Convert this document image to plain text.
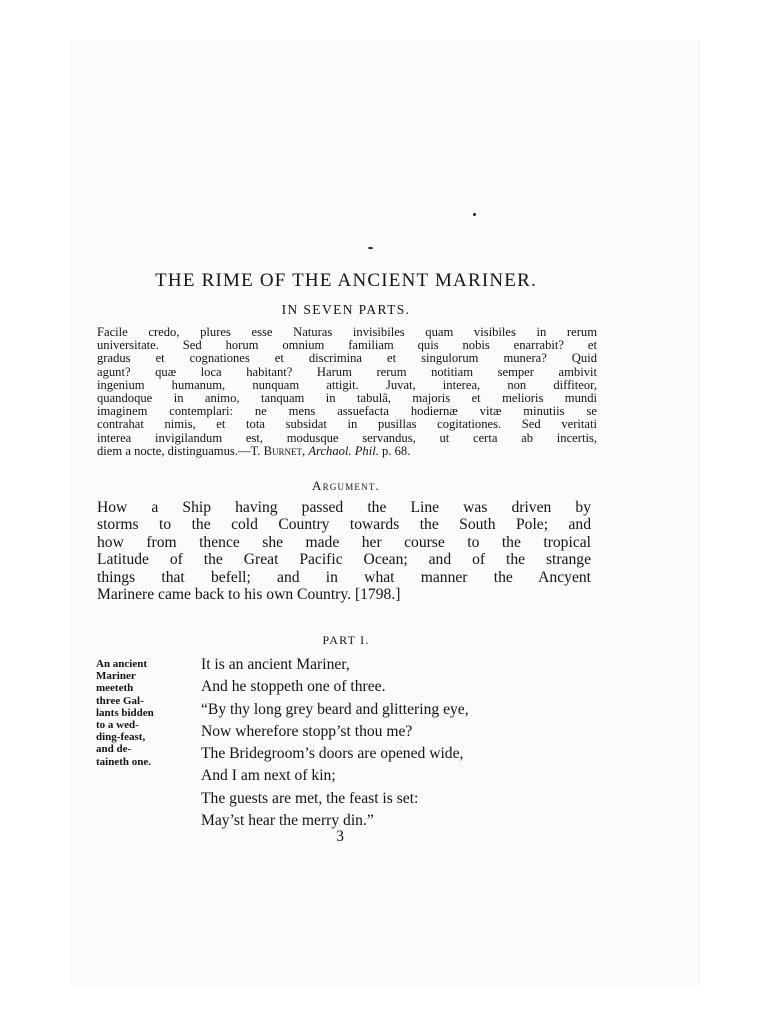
THE RIME OF THE ANCIENT MARINER.
IN SEVEN PARTS.
Facile credo, plures esse Naturas invisibiles quam visibiles in rerum
universitate. Sed horum omnium familiam quis nobis enarrabit? et
gradus et cognationes et discrimina et singulorum munera? Quid
agunt? quæ loca habitant? Harum rerum notitiam semper ambivit
ingenium humanum, nunquam attigit. Juvat, interea, non diffiteor,
quandoque in animo, tanquam in tabulâ, majoris et melioris mundi
imaginem contemplari: ne mens assuefacta hodiernæ vitæ minutiis se
contrahat nimis, et tota subsidat in pusillas cogitationes. Sed veritati
interea invigilandum est, modusque servandus, ut certa ab incertis,
diem a nocte, distinguamus.—T. Burnet, Archaol. Phil. p. 68.
Argument.
How a Ship having passed the Line was driven by
storms to the cold Country towards the South Pole; and
how from thence she made her course to the tropical
Latitude of the Great Pacific Ocean; and of the strange
things that befell; and in what manner the Ancyent
Marinere came back to his own Country. [1798.]
PART I.
An ancient
Mariner
meeteth
three Gal-
lants bidden
to a wed-
ding-feast,
and de-
taineth one.
It is an ancient Mariner,
And he stoppeth one of three.
“By thy long grey beard and glittering eye,
Now wherefore stopp’st thou me?
The Bridegroom’s doors are opened wide,
And I am next of kin;
The guests are met, the feast is set:
May’st hear the merry din.”
3
